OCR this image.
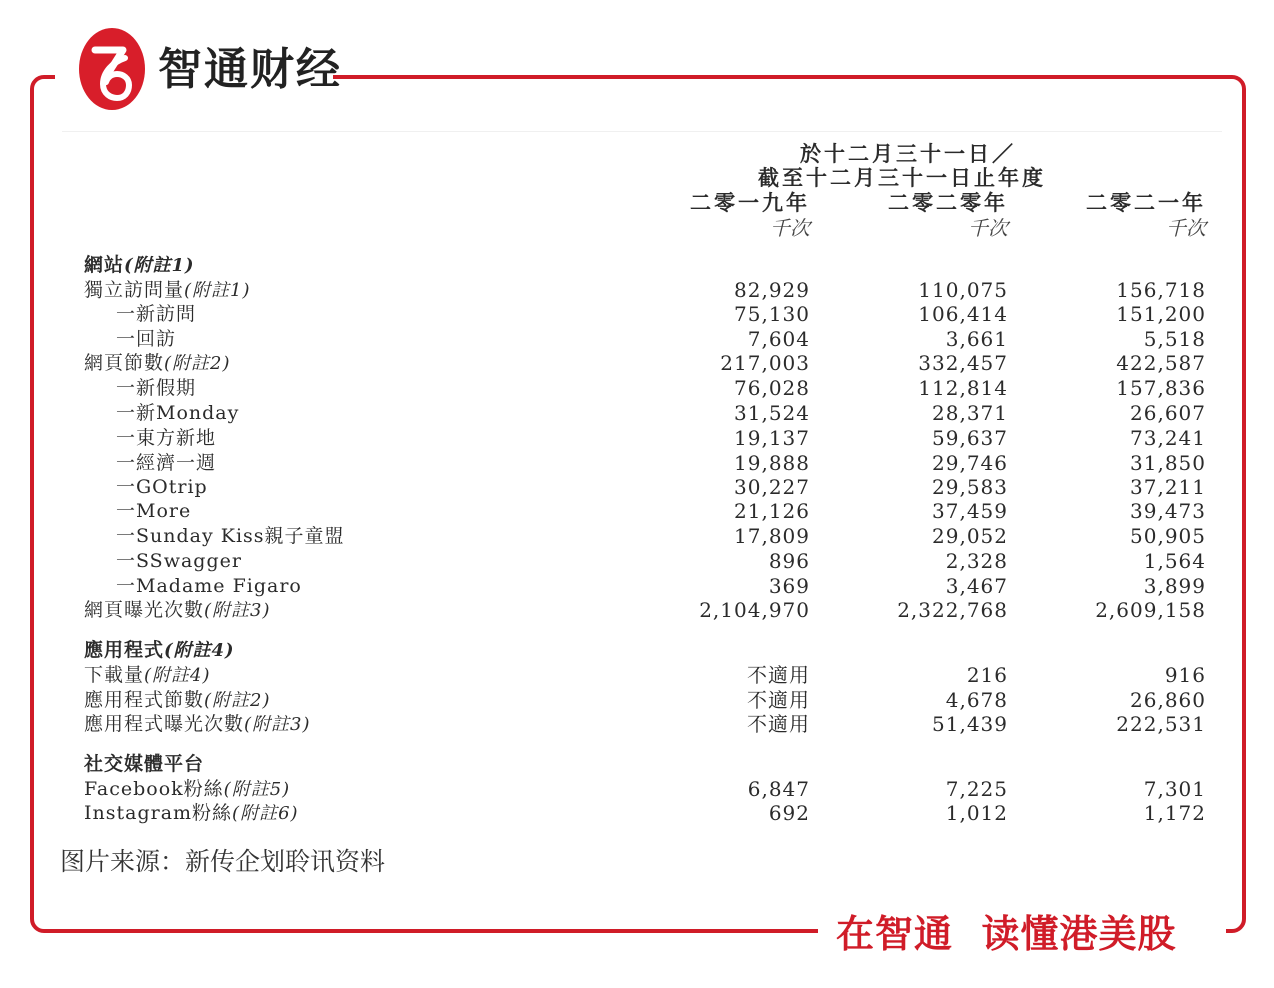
智通财经
於十二月三十一日／
截至十二月三十一日止年度
二零一九年	二零二零年	二零二一年
千次	千次	千次
網站(附註1)
獨立訪問量(附註1)	82,929	110,075	156,718
一新訪問	75,130	106,414	151,200
一回訪	7,604	3,661	5,518
網頁節數(附註2)	217,003	332,457	422,587
一新假期	76,028	112,814	157,836
一新Monday	31,524	28,371	26,607
一東方新地	19,137	59,637	73,241
一經濟一週	19,888	29,746	31,850
一GOtrip	30,227	29,583	37,211
一More	21,126	37,459	39,473
一Sunday Kiss親子童盟	17,809	29,052	50,905
一SSwagger	896	2,328	1,564
一Madame Figaro	369	3,467	3,899
網頁曝光次數(附註3)	2,104,970	2,322,768	2,609,158
應用程式(附註4)
下載量(附註4)	不適用	216	916
應用程式節數(附註2)	不適用	4,678	26,860
應用程式曝光次數(附註3)	不適用	51,439	222,531
社交媒體平台
Facebook粉絲(附註5)	6,847	7,225	7,301
Instagram粉絲(附註6)	692	1,012	1,172
图片来源：新传企划聆讯资料
在智通  读懂港美股
